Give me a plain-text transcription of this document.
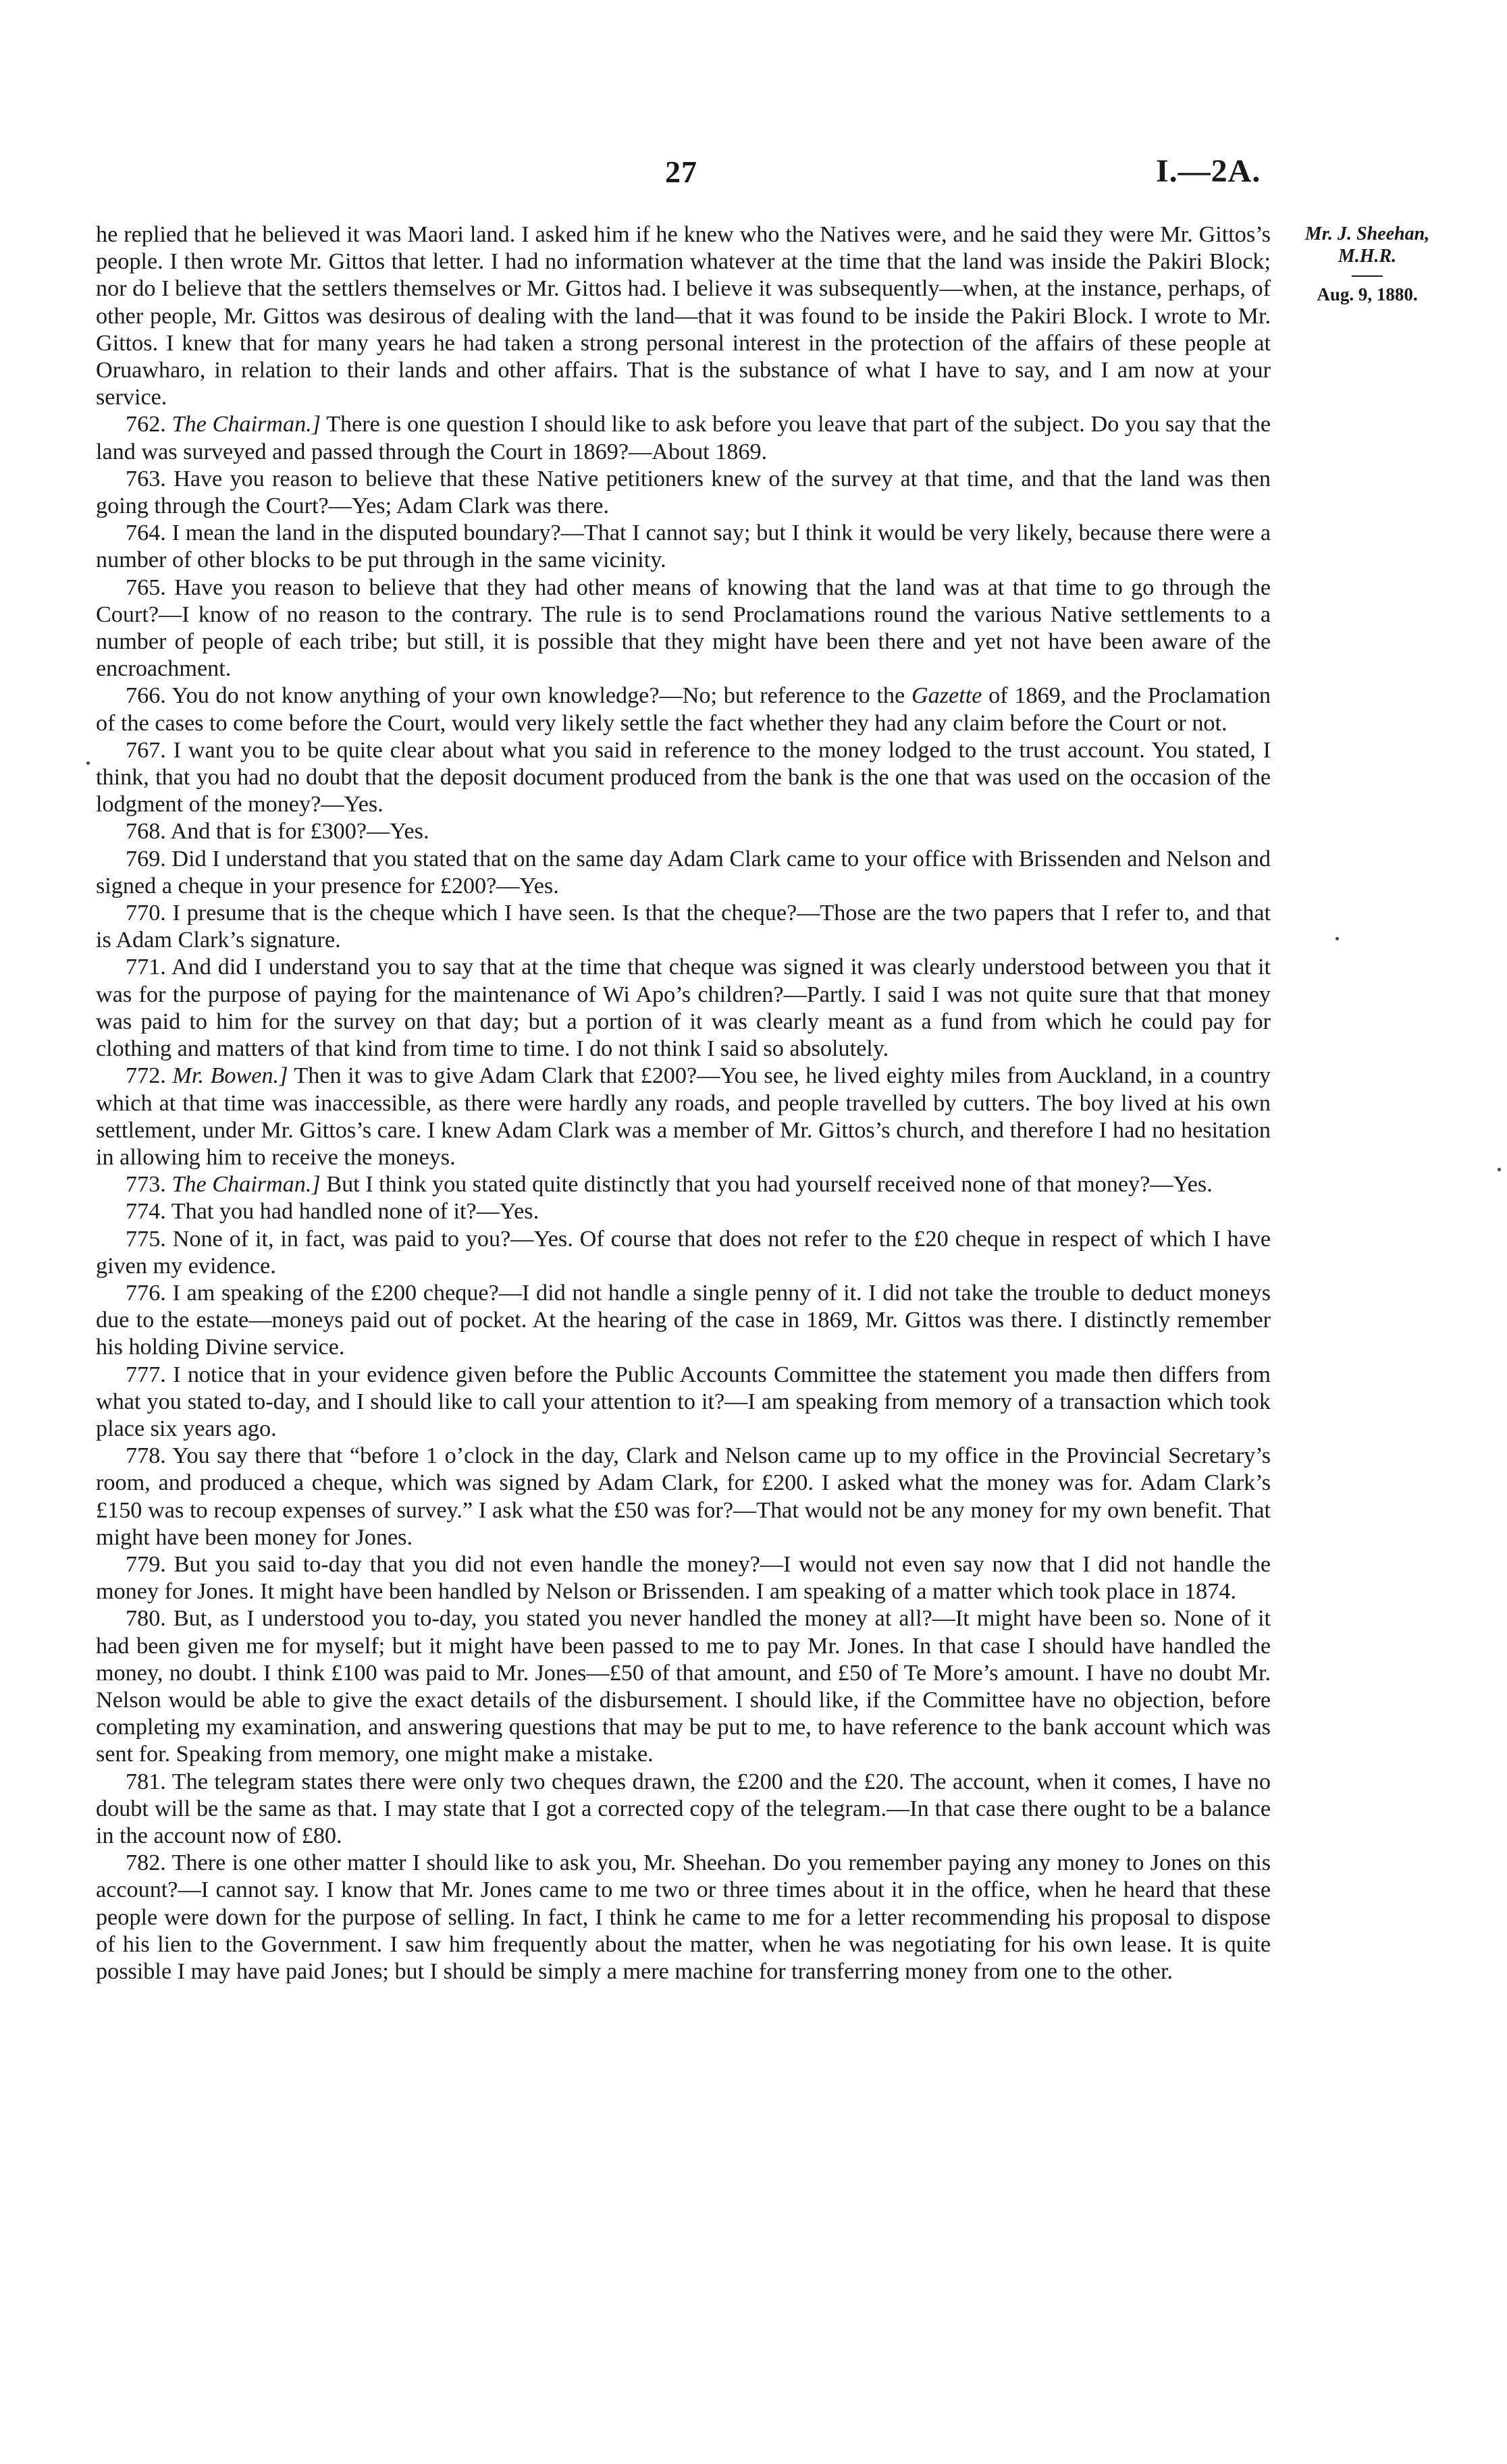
27	I.—2A.
Mr. J. Sheehan,
M.H.R.
Aug. 9, 1880.

he replied that he believed it was Maori land. I asked him if he knew who the Natives were, and he said they were Mr. Gittos’s people. I then wrote Mr. Gittos that letter. I had no information whatever at the time that the land was inside the Pakiri Block; nor do I believe that the settlers themselves or Mr. Gittos had. I believe it was subsequently—when, at the instance, perhaps, of other people, Mr. Gittos was desirous of dealing with the land—that it was found to be inside the Pakiri Block. I wrote to Mr. Gittos. I knew that for many years he had taken a strong personal interest in the protection of the affairs of these people at Oruawharo, in relation to their lands and other affairs. That is the substance of what I have to say, and I am now at your service.

762. The Chairman.] There is one question I should like to ask before you leave that part of the subject. Do you say that the land was surveyed and passed through the Court in 1869?—About 1869.

763. Have you reason to believe that these Native petitioners knew of the survey at that time, and that the land was then going through the Court?—Yes; Adam Clark was there.

764. I mean the land in the disputed boundary?—That I cannot say; but I think it would be very likely, because there were a number of other blocks to be put through in the same vicinity.

765. Have you reason to believe that they had other means of knowing that the land was at that time to go through the Court?—I know of no reason to the contrary. The rule is to send Proclamations round the various Native settlements to a number of people of each tribe; but still, it is possible that they might have been there and yet not have been aware of the encroachment.

766. You do not know anything of your own knowledge?—No; but reference to the Gazette of 1869, and the Proclamation of the cases to come before the Court, would very likely settle the fact whether they had any claim before the Court or not.

767. I want you to be quite clear about what you said in reference to the money lodged to the trust account. You stated, I think, that you had no doubt that the deposit document produced from the bank is the one that was used on the occasion of the lodgment of the money?—Yes.

768. And that is for £300?—Yes.

769. Did I understand that you stated that on the same day Adam Clark came to your office with Brissenden and Nelson and signed a cheque in your presence for £200?—Yes.

770. I presume that is the cheque which I have seen. Is that the cheque?—Those are the two papers that I refer to, and that is Adam Clark’s signature.

771. And did I understand you to say that at the time that cheque was signed it was clearly understood between you that it was for the purpose of paying for the maintenance of Wi Apo’s children?—Partly. I said I was not quite sure that that money was paid to him for the survey on that day; but a portion of it was clearly meant as a fund from which he could pay for clothing and matters of that kind from time to time. I do not think I said so absolutely.

772. Mr. Bowen.] Then it was to give Adam Clark that £200?—You see, he lived eighty miles from Auckland, in a country which at that time was inaccessible, as there were hardly any roads, and people travelled by cutters. The boy lived at his own settlement, under Mr. Gittos’s care. I knew Adam Clark was a member of Mr. Gittos’s church, and therefore I had no hesitation in allowing him to receive the moneys.

773. The Chairman.] But I think you stated quite distinctly that you had yourself received none of that money?—Yes.

774. That you had handled none of it?—Yes.

775. None of it, in fact, was paid to you?—Yes. Of course that does not refer to the £20 cheque in respect of which I have given my evidence.

776. I am speaking of the £200 cheque?—I did not handle a single penny of it. I did not take the trouble to deduct moneys due to the estate—moneys paid out of pocket. At the hearing of the case in 1869, Mr. Gittos was there. I distinctly remember his holding Divine service.

777. I notice that in your evidence given before the Public Accounts Committee the statement you made then differs from what you stated to-day, and I should like to call your attention to it?—I am speaking from memory of a transaction which took place six years ago.

778. You say there that “before 1 o’clock in the day, Clark and Nelson came up to my office in the Provincial Secretary’s room, and produced a cheque, which was signed by Adam Clark, for £200. I asked what the money was for. Adam Clark’s £150 was to recoup expenses of survey.” I ask what the £50 was for?—That would not be any money for my own benefit. That might have been money for Jones.

779. But you said to-day that you did not even handle the money?—I would not even say now that I did not handle the money for Jones. It might have been handled by Nelson or Brissenden. I am speaking of a matter which took place in 1874.

780. But, as I understood you to-day, you stated you never handled the money at all?—It might have been so. None of it had been given me for myself; but it might have been passed to me to pay Mr. Jones. In that case I should have handled the money, no doubt. I think £100 was paid to Mr. Jones—£50 of that amount, and £50 of Te More’s amount. I have no doubt Mr. Nelson would be able to give the exact details of the disbursement. I should like, if the Committee have no objection, before completing my examination, and answering questions that may be put to me, to have reference to the bank account which was sent for. Speaking from memory, one might make a mistake.

781. The telegram states there were only two cheques drawn, the £200 and the £20. The account, when it comes, I have no doubt will be the same as that. I may state that I got a corrected copy of the telegram.—In that case there ought to be a balance in the account now of £80.

782. There is one other matter I should like to ask you, Mr. Sheehan. Do you remember paying any money to Jones on this account?—I cannot say. I know that Mr. Jones came to me two or three times about it in the office, when he heard that these people were down for the purpose of selling. In fact, I think he came to me for a letter recommending his proposal to dispose of his lien to the Government. I saw him frequently about the matter, when he was negotiating for his own lease. It is quite possible I may have paid Jones; but I should be simply a mere machine for transferring money from one to the other.
